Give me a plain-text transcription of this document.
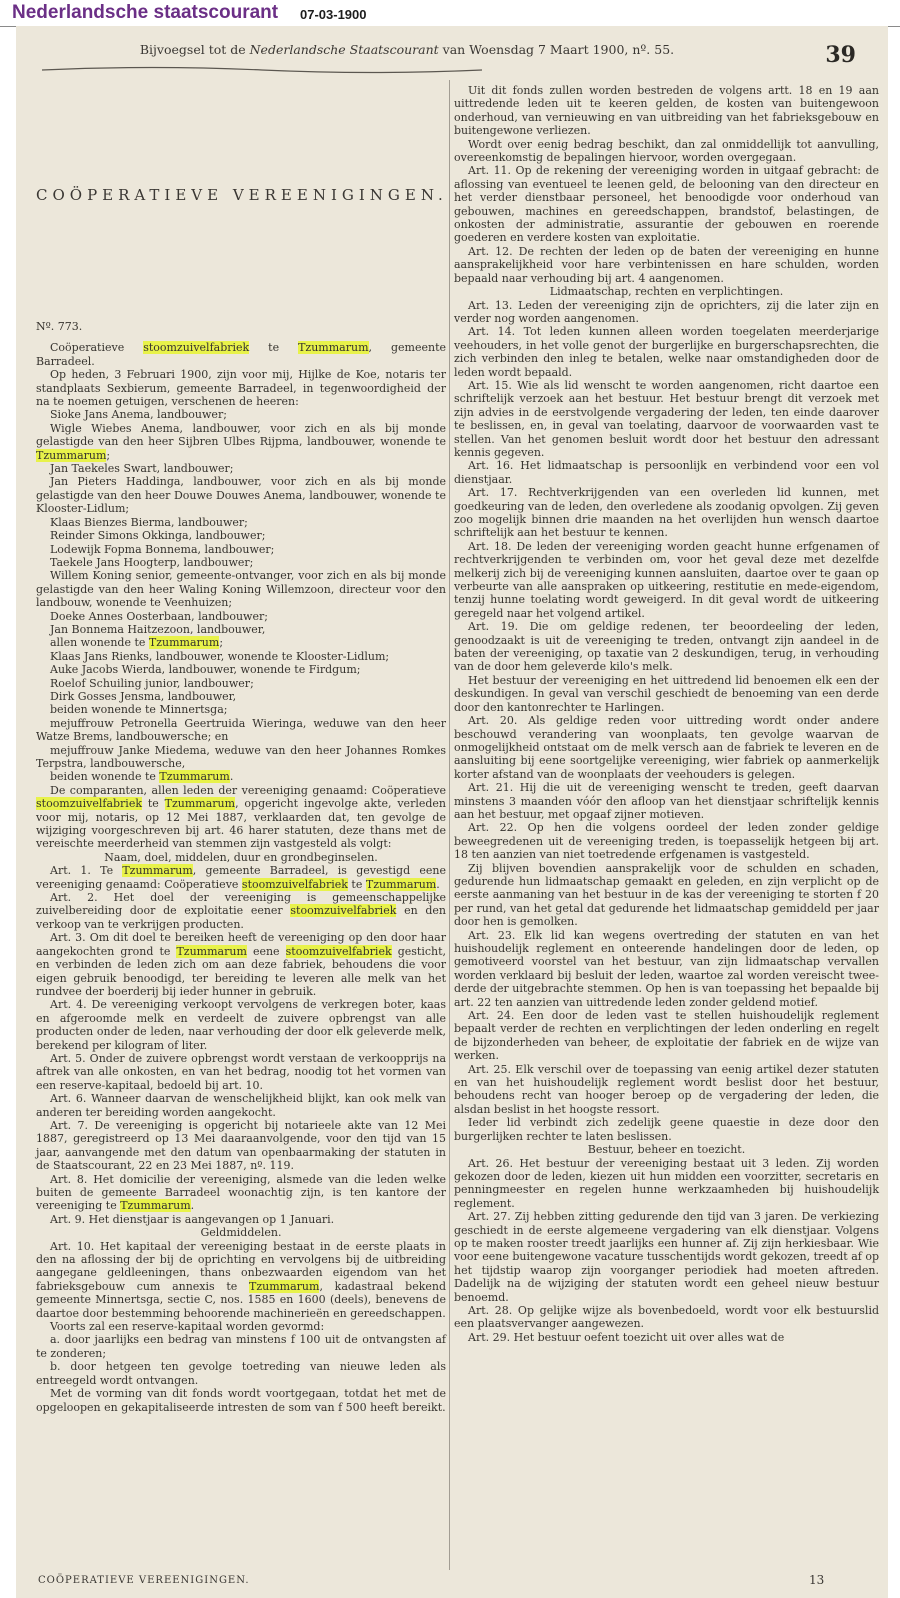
Nederlandsche staatscourant 07-03-1900
Bijvoegsel tot de Nederlandsche Staatscourant van Woensdag 7 Maart 1900, nº. 55.	39
COÖPERATIEVE VEREENIGINGEN.

Nº. 773.

Coöperatieve stoomzuivelfabriek te Tzummarum, gemeente Barradeel.

Op heden, 3 Februari 1900, zijn voor mij, Hijlke de Koe, notaris ter standplaats Sexbierum, gemeente Barradeel, in tegenwoordigheid der na te noemen getuigen, verschenen de heeren:

Sioke Jans Anema, landbouwer;

Wigle Wiebes Anema, landbouwer, voor zich en als bij monde gelastigde van den heer Sijbren Ulbes Rijpma, landbouwer, wonende te Tzummarum;

Jan Taekeles Swart, landbouwer;

Jan Pieters Haddinga, landbouwer, voor zich en als bij monde gelastigde van den heer Douwe Douwes Anema, landbouwer, wonende te Klooster-Lidlum;

Klaas Bienzes Bierma, landbouwer;

Reinder Simons Okkinga, landbouwer;

Lodewijk Fopma Bonnema, landbouwer;

Taekele Jans Hoogterp, landbouwer;

Willem Koning senior, gemeente-ontvanger, voor zich en als bij monde gelastigde van den heer Waling Koning Willemzoon, directeur voor den landbouw, wonende te Veenhuizen;

Doeke Annes Oosterbaan, landbouwer;

Jan Bonnema Haitzezoon, landbouwer,

allen wonende te Tzummarum;

Klaas Jans Rienks, landbouwer, wonende te Klooster-Lidlum;

Auke Jacobs Wierda, landbouwer, wonende te Firdgum;

Roelof Schuiling junior, landbouwer;

Dirk Gosses Jensma, landbouwer,

beiden wonende te Minnertsga;

mejuffrouw Petronella Geertruida Wieringa, weduwe van den heer Watze Brems, landbouwersche; en

mejuffrouw Janke Miedema, weduwe van den heer Johannes Romkes Terpstra, landbouwersche,

beiden wonende te Tzummarum.

De comparanten, allen leden der vereeniging genaamd: Coöperatieve stoomzuivelfabriek te Tzummarum, opgericht ingevolge akte, verleden voor mij, notaris, op 12 Mei 1887, verklaarden dat, ten gevolge de wijziging voorgeschreven bij art. 46 harer statuten, deze thans met de vereischte meerderheid van stemmen zijn vastgesteld als volgt:

Naam, doel, middelen, duur en grondbeginselen.

Art. 1. Te Tzummarum, gemeente Barradeel, is gevestigd eene vereeniging genaamd: Coöperatieve stoomzuivelfabriek te Tzummarum.

Art. 2. Het doel der vereeniging is gemeenschappelijke zuivelbereiding door de exploitatie eener stoomzuivelfabriek en den verkoop van te verkrijgen producten.

Art. 3. Om dit doel te bereiken heeft de vereeniging op den door haar aangekochten grond te Tzummarum eene stoomzuivelfabriek gesticht, en verbinden de leden zich om aan deze fabriek, behoudens die voor eigen gebruik benoodigd, ter bereiding te leveren alle melk van het rundvee der boerderij bij ieder hunner in gebruik.

Art. 4. De vereeniging verkoopt vervolgens de verkregen boter, kaas en afgeroomde melk en verdeelt de zuivere opbrengst van alle producten onder de leden, naar verhouding der door elk geleverde melk, berekend per kilogram of liter.

Art. 5. Onder de zuivere opbrengst wordt verstaan de verkoopprijs na aftrek van alle onkosten, en van het bedrag, noodig tot het vormen van een reserve-kapitaal, bedoeld bij art. 10.

Art. 6. Wanneer daarvan de wenschelijkheid blijkt, kan ook melk van anderen ter bereiding worden aangekocht.

Art. 7. De vereeniging is opgericht bij notarieele akte van 12 Mei 1887, geregistreerd op 13 Mei daaraanvolgende, voor den tijd van 15 jaar, aanvangende met den datum van openbaarmaking der statuten in de Staatscourant, 22 en 23 Mei 1887, nº. 119.

Art. 8. Het domicilie der vereeniging, alsmede van die leden welke buiten de gemeente Barradeel woonachtig zijn, is ten kantore der vereeniging te Tzummarum.

Art. 9. Het dienstjaar is aangevangen op 1 Januari.

Geldmiddelen.

Art. 10. Het kapitaal der vereeniging bestaat in de eerste plaats in den na aflossing der bij de oprichting en vervolgens bij de uitbreiding aangegane geldleeningen, thans onbezwaarden eigendom van het fabrieksgebouw cum annexis te Tzummarum, kadastraal bekend gemeente Minnertsga, sectie C, nos. 1585 en 1600 (deels), benevens de daartoe door bestemming behoorende machinerieën en gereedschappen.

Voorts zal een reserve-kapitaal worden gevormd:

a. door jaarlijks een bedrag van minstens f 100 uit de ontvangsten af te zonderen;

b. door hetgeen ten gevolge toetreding van nieuwe leden als entreegeld wordt ontvangen.

Met de vorming van dit fonds wordt voortgegaan, totdat het met de opgeloopen en gekapitaliseerde intresten de som van f 500 heeft bereikt.

Uit dit fonds zullen worden bestreden de volgens artt. 18 en 19 aan uittredende leden uit te keeren gelden, de kosten van buitengewoon onderhoud, van vernieuwing en van uitbreiding van het fabrieksgebouw en buitengewone verliezen.

Wordt over eenig bedrag beschikt, dan zal onmiddellijk tot aanvulling, overeenkomstig de bepalingen hiervoor, worden overgegaan.

Art. 11. Op de rekening der vereeniging worden in uitgaaf gebracht: de aflossing van eventueel te leenen geld, de belooning van den directeur en het verder dienstbaar personeel, het benoodigde voor onderhoud van gebouwen, machines en gereedschappen, brandstof, belastingen, de onkosten der administratie, assurantie der gebouwen en roerende goederen en verdere kosten van exploitatie.

Art. 12. De rechten der leden op de baten der vereeniging en hunne aansprakelijkheid voor hare verbintenissen en hare schulden, worden bepaald naar verhouding bij art. 4 aangenomen.

Lidmaatschap, rechten en verplichtingen.

Art. 13. Leden der vereeniging zijn de oprichters, zij die later zijn en verder nog worden aangenomen.

Art. 14. Tot leden kunnen alleen worden toegelaten meerderjarige veehouders, in het volle genot der burgerlijke en burgerschapsrechten, die zich verbinden den inleg te betalen, welke naar omstandigheden door de leden wordt bepaald.

Art. 15. Wie als lid wenscht te worden aangenomen, richt daartoe een schriftelijk verzoek aan het bestuur. Het bestuur brengt dit verzoek met zijn advies in de eerstvolgende vergadering der leden, ten einde daarover te beslissen, en, in geval van toelating, daarvoor de voorwaarden vast te stellen. Van het genomen besluit wordt door het bestuur den adressant kennis gegeven.

Art. 16. Het lidmaatschap is persoonlijk en verbindend voor een vol dienstjaar.

Art. 17. Rechtverkrijgenden van een overleden lid kunnen, met goedkeuring van de leden, den overledene als zoodanig opvolgen. Zij geven zoo mogelijk binnen drie maanden na het overlijden hun wensch daartoe schriftelijk aan het bestuur te kennen.

Art. 18. De leden der vereeniging worden geacht hunne erfgenamen of rechtverkrijgenden te verbinden om, voor het geval deze met dezelfde melkerij zich bij de vereeniging kunnen aansluiten, daartoe over te gaan op verbeurte van alle aanspraken op uitkeering, restitutie en mede-eigendom, tenzij hunne toelating wordt geweigerd. In dit geval wordt de uitkeering geregeld naar het volgend artikel.

Art. 19. Die om geldige redenen, ter beoordeeling der leden, genoodzaakt is uit de vereeniging te treden, ontvangt zijn aandeel in de baten der vereeniging, op taxatie van 2 deskundigen, terug, in verhouding van de door hem geleverde kilo's melk.

Het bestuur der vereeniging en het uittredend lid benoemen elk een der deskundigen. In geval van verschil geschiedt de benoeming van een derde door den kantonrechter te Harlingen.

Art. 20. Als geldige reden voor uittreding wordt onder andere beschouwd verandering van woonplaats, ten gevolge waarvan de onmogelijkheid ontstaat om de melk versch aan de fabriek te leveren en de aansluiting bij eene soortgelijke vereeniging, wier fabriek op aanmerkelijk korter afstand van de woonplaats der veehouders is gelegen.

Art. 21. Hij die uit de vereeniging wenscht te treden, geeft daarvan minstens 3 maanden vóór den afloop van het dienstjaar schriftelijk kennis aan het bestuur, met opgaaf zijner motieven.

Art. 22. Op hen die volgens oordeel der leden zonder geldige beweegredenen uit de vereeniging treden, is toepasselijk hetgeen bij art. 18 ten aanzien van niet toetredende erfgenamen is vastgesteld.

Zij blijven bovendien aansprakelijk voor de schulden en schaden, gedurende hun lidmaatschap gemaakt en geleden, en zijn verplicht op de eerste aanmaning van het bestuur in de kas der vereeniging te storten f 20 per rund, van het getal dat gedurende het lidmaatschap gemiddeld per jaar door hen is gemolken.

Art. 23. Elk lid kan wegens overtreding der statuten en van het huishoudelijk reglement en onteerende handelingen door de leden, op gemotiveerd voorstel van het bestuur, van zijn lidmaatschap vervallen worden verklaard bij besluit der leden, waartoe zal worden vereischt twee-derde der uitgebrachte stemmen. Op hen is van toepassing het bepaalde bij art. 22 ten aanzien van uittredende leden zonder geldend motief.

Art. 24. Een door de leden vast te stellen huishoudelijk reglement bepaalt verder de rechten en verplichtingen der leden onderling en regelt de bijzonderheden van beheer, de exploitatie der fabriek en de wijze van werken.

Art. 25. Elk verschil over de toepassing van eenig artikel dezer statuten en van het huishoudelijk reglement wordt beslist door het bestuur, behoudens recht van hooger beroep op de vergadering der leden, die alsdan beslist in het hoogste ressort.

Ieder lid verbindt zich zedelijk geene quaestie in deze door den burgerlijken rechter te laten beslissen.

Bestuur, beheer en toezicht.

Art. 26. Het bestuur der vereeniging bestaat uit 3 leden. Zij worden gekozen door de leden, kiezen uit hun midden een voorzitter, secretaris en penningmeester en regelen hunne werkzaamheden bij huishoudelijk reglement.

Art. 27. Zij hebben zitting gedurende den tijd van 3 jaren. De verkiezing geschiedt in de eerste algemeene vergadering van elk dienstjaar. Volgens op te maken rooster treedt jaarlijks een hunner af. Zij zijn herkiesbaar. Wie voor eene buitengewone vacature tusschentijds wordt gekozen, treedt af op het tijdstip waarop zijn voorganger periodiek had moeten aftreden. Dadelijk na de wijziging der statuten wordt een geheel nieuw bestuur benoemd.

Art. 28. Op gelijke wijze als bovenbedoeld, wordt voor elk bestuurslid een plaatsvervanger aangewezen.

Art. 29. Het bestuur oefent toezicht uit over alles wat de

COÖPERATIEVE VEREENIGINGEN.	13
